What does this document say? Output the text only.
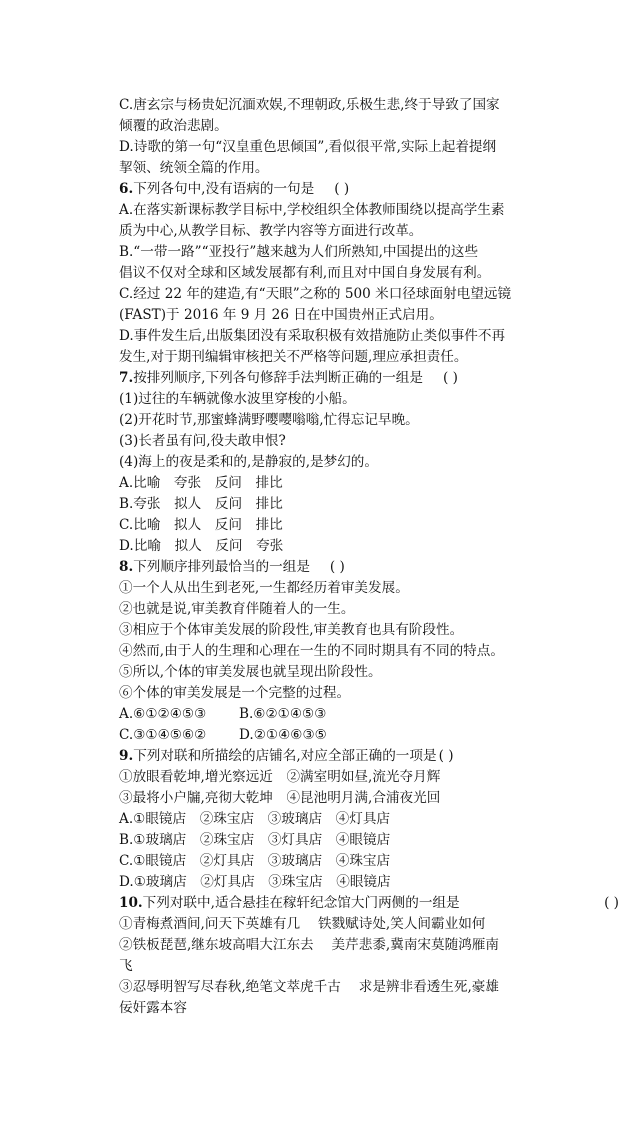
C.唐玄宗与杨贵妃沉湎欢娱,不理朝政,乐极生悲,终于导致了国家
倾覆的政治悲剧。
D.诗歌的第一句“汉皇重色思倾国”,看似很平常,实际上起着提纲
挈领、统领全篇的作用。
6.下列各句中,没有语病的一句是 ( )
A.在落实新课标教学目标中,学校组织全体教师围绕以提高学生素
质为中心,从教学目标、教学内容等方面进行改革。
B.“一带一路”“亚投行”越来越为人们所熟知,中国提出的这些
倡议不仅对全球和区域发展都有利,而且对中国自身发展有利。
C.经过 22 年的建造,有“天眼”之称的 500 米口径球面射电望远镜
(FAST)于 2016 年 9 月 26 日在中国贵州正式启用。
D.事件发生后,出版集团没有采取积极有效措施防止类似事件不再
发生,对于期刊编辑审核把关不严格等问题,理应承担责任。
7.按排列顺序,下列各句修辞手法判断正确的一组是 ( )
(1)过往的车辆就像水波里穿梭的小船。
(2)开花时节,那蜜蜂满野嘤嘤嗡嗡,忙得忘记早晚。
(3)长者虽有问,役夫敢申恨?
(4)海上的夜是柔和的,是静寂的,是梦幻的。
A.比喻　夸张　反问　排比
B.夸张　拟人　反问　排比
C.比喻　拟人　反问　排比
D.比喻　拟人　反问　夸张
8.下列顺序排列最恰当的一组是 ( )
①一个人从出生到老死,一生都经历着审美发展。
②也就是说,审美教育伴随着人的一生。
③相应于个体审美发展的阶段性,审美教育也具有阶段性。
④然而,由于人的生理和心理在一生的不同时期具有不同的特点。
⑤所以,个体的审美发展也就呈现出阶段性。
⑥个体的审美发展是一个完整的过程。
A.⑥①②④⑤③ B.⑥②①④⑤③
C.③①④⑤⑥② D.②①④⑥③⑤
9.下列对联和所描绘的店铺名,对应全部正确的一项是 ( )
①放眼看乾坤,增光察远近　②满室明如昼,流光夺月辉
③最将小户牖,亮彻大乾坤　④昆池明月满,合浦夜光回
A.①眼镜店　②珠宝店　③玻璃店　④灯具店
B.①玻璃店　②珠宝店　③灯具店　④眼镜店
C.①眼镜店　②灯具店　③玻璃店　④珠宝店
D.①玻璃店　②灯具店　③珠宝店　④眼镜店
10.下列对联中,适合悬挂在稼轩纪念馆大门两侧的一组是	( )
①青梅煮酒间,问天下英雄有几　 铁戮赋诗处,笑人间霸业如何
②铁板琵琶,继东坡高唱大江东去　 美芹悲黍,冀南宋莫随鸿雁南
飞
③忍辱明智写尽春秋,绝笔文萃虎千古　 求是辨非看透生死,豪雄
佞奸露本容
